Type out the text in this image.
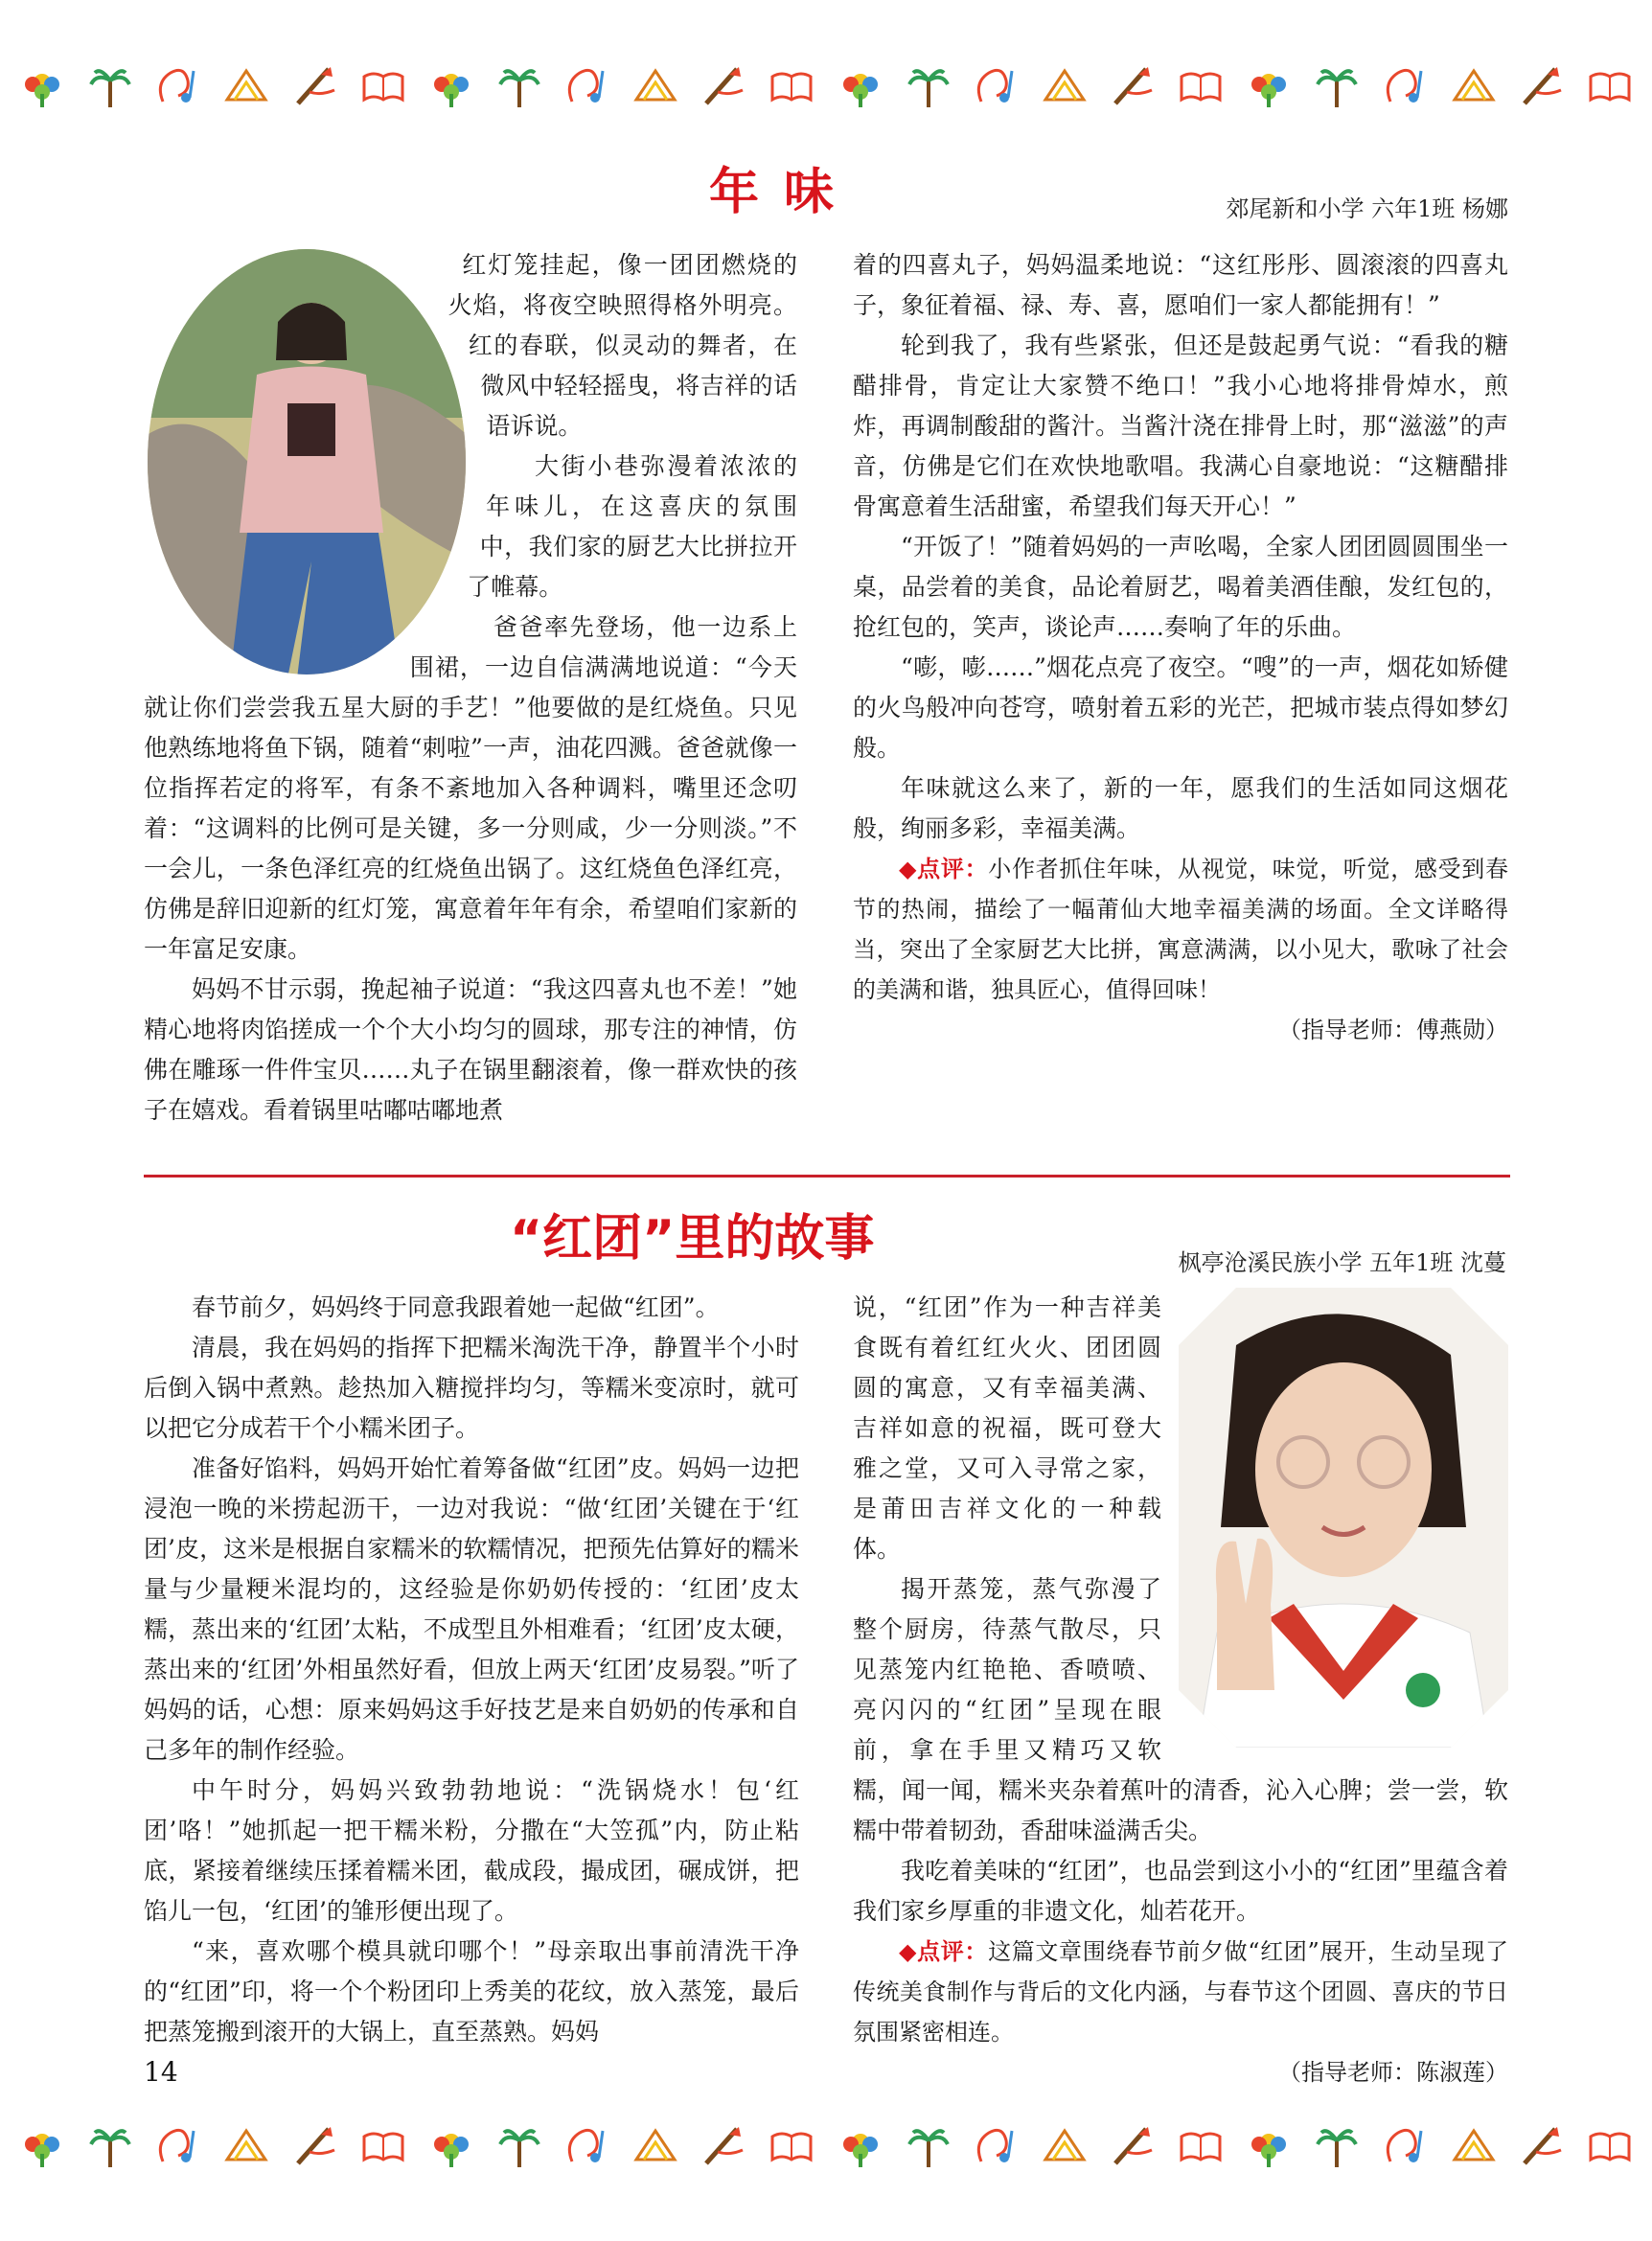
年味	郊尾新和小学 六年1班 杨娜

红灯笼挂起，像一团团燃烧的火焰，将夜空映照得格外明亮。红的春联，似灵动的舞者，在微风中轻轻摇曳，将吉祥的话语诉说。

大街小巷弥漫着浓浓的年味儿，在这喜庆的氛围中，我们家的厨艺大比拼拉开了帷幕。

爸爸率先登场，他一边系上围裙，一边自信满满地说道：“今天就让你们尝尝我五星大厨的手艺！”他要做的是红烧鱼。只见他熟练地将鱼下锅，随着“刺啦”一声，油花四溅。爸爸就像一位指挥若定的将军，有条不紊地加入各种调料，嘴里还念叨着：“这调料的比例可是关键，多一分则咸，少一分则淡。”不一会儿，一条色泽红亮的红烧鱼出锅了。这红烧鱼色泽红亮，仿佛是辞旧迎新的红灯笼，寓意着年年有余，希望咱们家新的一年富足安康。

妈妈不甘示弱，挽起袖子说道：“我这四喜丸也不差！”她精心地将肉馅搓成一个个大小均匀的圆球，那专注的神情，仿佛在雕琢一件件宝贝……丸子在锅里翻滚着，像一群欢快的孩子在嬉戏。看着锅里咕嘟咕嘟地煮

着的四喜丸子，妈妈温柔地说：“这红彤彤、圆滚滚的四喜丸子，象征着福、禄、寿、喜，愿咱们一家人都能拥有！”

轮到我了，我有些紧张，但还是鼓起勇气说：“看我的糖醋排骨，肯定让大家赞不绝口！”我小心地将排骨焯水，煎炸，再调制酸甜的酱汁。当酱汁浇在排骨上时，那“滋滋”的声音，仿佛是它们在欢快地歌唱。我满心自豪地说：“这糖醋排骨寓意着生活甜蜜，希望我们每天开心！”

“开饭了！”随着妈妈的一声吆喝，全家人团团圆圆围坐一桌，品尝着的美食，品论着厨艺，喝着美酒佳酿，发红包的，抢红包的，笑声，谈论声……奏响了年的乐曲。

“嘭，嘭……”烟花点亮了夜空。“嗖”的一声，烟花如矫健的火鸟般冲向苍穹，喷射着五彩的光芒，把城市装点得如梦幻般。

年味就这么来了，新的一年，愿我们的生活如同这烟花般，绚丽多彩，幸福美满。

◆点评：小作者抓住年味，从视觉，味觉，听觉，感受到春节的热闹，描绘了一幅莆仙大地幸福美满的场面。全文详略得当，突出了全家厨艺大比拼，寓意满满，以小见大，歌咏了社会的美满和谐，独具匠心，值得回味！

（指导老师：傅燕勋）

“红团”里的故事	枫亭沧溪民族小学 五年1班 沈蔓

春节前夕，妈妈终于同意我跟着她一起做“红团”。

清晨，我在妈妈的指挥下把糯米淘洗干净，静置半个小时后倒入锅中煮熟。趁热加入糖搅拌均匀，等糯米变凉时，就可以把它分成若干个小糯米团子。

准备好馅料，妈妈开始忙着筹备做“红团”皮。妈妈一边把浸泡一晚的米捞起沥干，一边对我说：“做‘红团’关键在于‘红团’皮，这米是根据自家糯米的软糯情况，把预先估算好的糯米量与少量粳米混均的，这经验是你奶奶传授的：‘红团’皮太糯，蒸出来的‘红团’太粘，不成型且外相难看；‘红团’皮太硬，蒸出来的‘红团’外相虽然好看，但放上两天‘红团’皮易裂。”听了妈妈的话，心想：原来妈妈这手好技艺是来自奶奶的传承和自己多年的制作经验。

中午时分，妈妈兴致勃勃地说：“洗锅烧水！包‘红团’咯！”她抓起一把干糯米粉，分撒在“大笠孤”内，防止粘底，紧接着继续压揉着糯米团，截成段，撮成团，碾成饼，把馅儿一包，‘红团’的雏形便出现了。

“来，喜欢哪个模具就印哪个！”母亲取出事前清洗干净的“红团”印，将一个个粉团印上秀美的花纹，放入蒸笼，最后把蒸笼搬到滚开的大锅上，直至蒸熟。妈妈

说，“红团”作为一种吉祥美食既有着红红火火、团团圆圆的寓意，又有幸福美满、吉祥如意的祝福，既可登大雅之堂，又可入寻常之家，是莆田吉祥文化的一种载体。

揭开蒸笼，蒸气弥漫了整个厨房，待蒸气散尽，只见蒸笼内红艳艳、香喷喷、亮闪闪的“红团”呈现在眼前，拿在手里又精巧又软糯，闻一闻，糯米夹杂着蕉叶的清香，沁入心脾；尝一尝，软糯中带着韧劲，香甜味溢满舌尖。

我吃着美味的“红团”，也品尝到这小小的“红团”里蕴含着我们家乡厚重的非遗文化，灿若花开。

◆点评：这篇文章围绕春节前夕做“红团”展开，生动呈现了传统美食制作与背后的文化内涵，与春节这个团圆、喜庆的节日氛围紧密相连。

（指导老师：陈淑莲）

14
